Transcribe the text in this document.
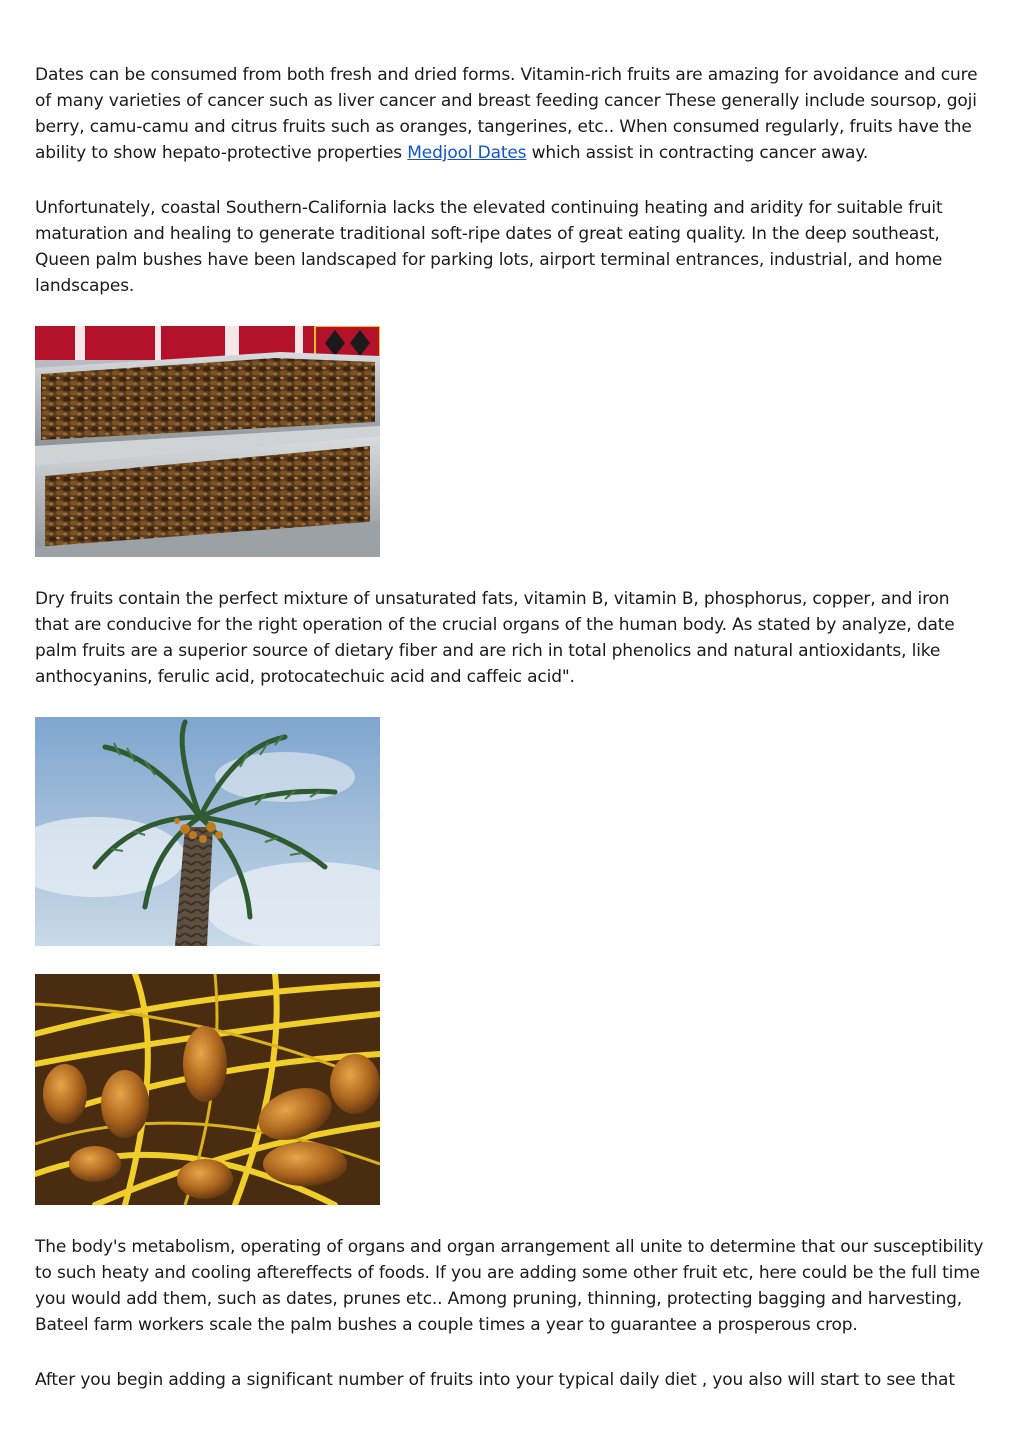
Dates can be consumed from both fresh and dried forms. Vitamin-rich fruits are amazing for avoidance and cure of many varieties of cancer such as liver cancer and breast feeding cancer These generally include soursop, goji berry, camu-camu and citrus fruits such as oranges, tangerines, etc.. When consumed regularly, fruits have the ability to show hepato-protective properties Medjool Dates which assist in contracting cancer away.

Unfortunately, coastal Southern-California lacks the elevated continuing heating and aridity for suitable fruit maturation and healing to generate traditional soft-ripe dates of great eating quality. In the deep southeast, Queen palm bushes have been landscaped for parking lots, airport terminal entrances, industrial, and home landscapes.

Dry fruits contain the perfect mixture of unsaturated fats, vitamin B, vitamin B, phosphorus, copper, and iron that are conducive for the right operation of the crucial organs of the human body. As stated by analyze, date palm fruits are a superior source of dietary fiber and are rich in total phenolics and natural antioxidants, like anthocyanins, ferulic acid, protocatechuic acid and caffeic acid".

The body's metabolism, operating of organs and organ arrangement all unite to determine that our susceptibility to such heaty and cooling aftereffects of foods. If you are adding some other fruit etc, here could be the full time you would add them, such as dates, prunes etc.. Among pruning, thinning, protecting bagging and harvesting, Bateel farm workers scale the palm bushes a couple times a year to guarantee a prosperous crop.

After you begin adding a significant number of fruits into your typical daily diet , you also will start to see that
